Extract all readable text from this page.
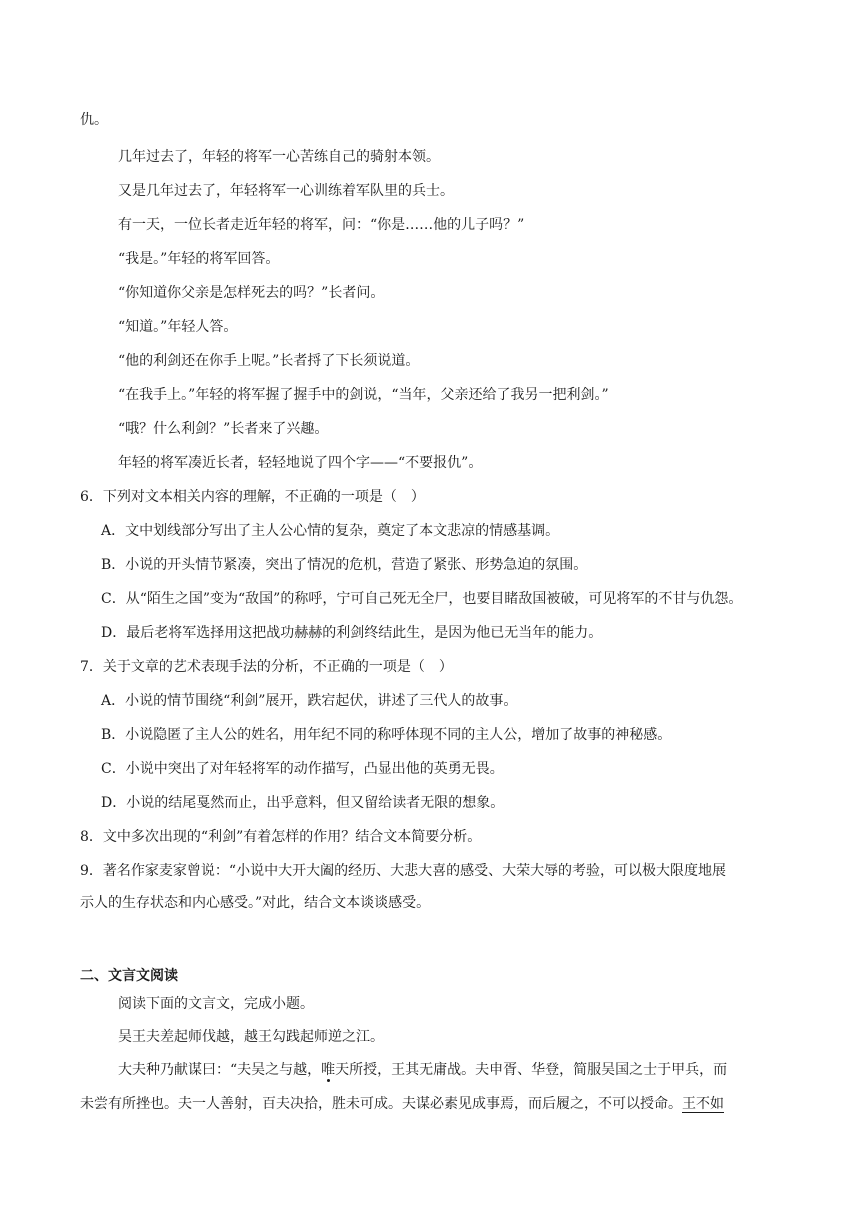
仇。
几年过去了，年轻的将军一心苦练自己的骑射本领。
又是几年过去了，年轻将军一心训练着军队里的兵士。
有一天，一位长者走近年轻的将军，问：“你是……他的儿子吗？”
“我是。”年轻的将军回答。
“你知道你父亲是怎样死去的吗？”长者问。
“知道。”年轻人答。
“他的利剑还在你手上呢。”长者捋了下长须说道。
“在我手上。”年轻的将军握了握手中的剑说，“当年，父亲还给了我另一把利剑。”
“哦？什么利剑？”长者来了兴趣。
年轻的将军凑近长者，轻轻地说了四个字——“不要报仇”。
6．下列对文本相关内容的理解，不正确的一项是（　）
A．文中划线部分写出了主人公心情的复杂，奠定了本文悲凉的情感基调。
B．小说的开头情节紧凑，突出了情况的危机，营造了紧张、形势急迫的氛围。
C．从“陌生之国”变为“敌国”的称呼，宁可自己死无全尸，也要目睹敌国被破，可见将军的不甘与仇怨。
D．最后老将军选择用这把战功赫赫的利剑终结此生，是因为他已无当年的能力。
7．关于文章的艺术表现手法的分析，不正确的一项是（　）
A．小说的情节围绕“利剑”展开，跌宕起伏，讲述了三代人的故事。
B．小说隐匿了主人公的姓名，用年纪不同的称呼体现不同的主人公，增加了故事的神秘感。
C．小说中突出了对年轻将军的动作描写，凸显出他的英勇无畏。
D．小说的结尾戛然而止，出乎意料，但又留给读者无限的想象。
8．文中多次出现的“利剑”有着怎样的作用？结合文本简要分析。
9．著名作家麦家曾说：“小说中大开大阖的经历、大悲大喜的感受、大荣大辱的考验，可以极大限度地展
示人的生存状态和内心感受。”对此，结合文本谈谈感受。
二、文言文阅读
阅读下面的文言文，完成小题。
吴王夫差起师伐越，越王勾践起师逆之江。
大夫种乃献谋曰：“夫吴之与越，唯天所授，王其无庸战。夫申胥、华登，简服吴国之士于甲兵，而
未尝有所挫也。夫一人善射，百夫决拾，胜未可成。夫谋必素见成事焉，而后履之，不可以授命。王不如
